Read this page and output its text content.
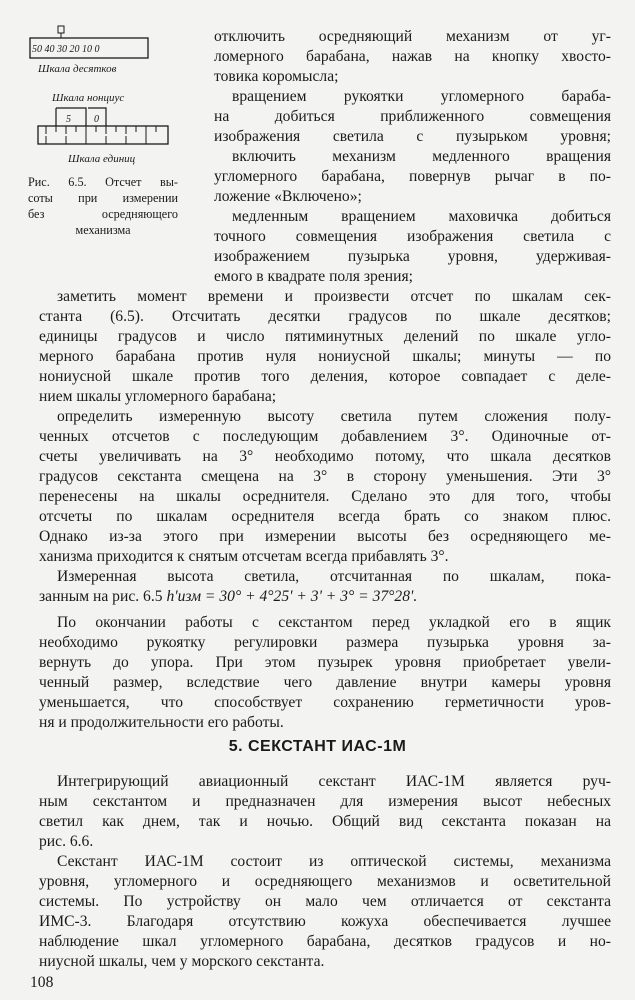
50 40 30 20 10 0
Шкала десятков
Шкала нонциус
5 0
Шкала единиц
Рис. 6.5. Отсчет вы-
соты при измерении
без осредняющего
механизма
отключить осредняющий механизм от уг-
ломерного барабана, нажав на кнопку хвосто-
товика коромысла;
вращением рукоятки угломерного бараба-
на добиться приближенного совмещения
изображения светила с пузырьком уровня;
включить механизм медленного вращения
угломерного барабана, повернув рычаг в по-
ложение «Включено»;
медленным вращением маховичка добиться
точного совмещения изображения светила с
изображением пузырька уровня, удерживая-
емого в квадрате поля зрения;
заметить момент времени и произвести отсчет по шкалам сек-
станта (6.5). Отсчитать десятки градусов по шкале десятков;
единицы градусов и число пятиминутных делений по шкале угло-
мерного барабана против нуля нониусной шкалы; минуты — по
нониусной шкале против того деления, которое совпадает с деле-
нием шкалы угломерного барабана;
определить измеренную высоту светила путем сложения полу-
ченных отсчетов с последующим добавлением 3°. Одиночные от-
счеты увеличивать на 3° необходимо потому, что шкала десятков
градусов секстанта смещена на 3° в сторону уменьшения. Эти 3°
перенесены на шкалы осреднителя. Сделано это для того, чтобы
отсчеты по шкалам осреднителя всегда брать со знаком плюс.
Однако из-за этого при измерении высоты без осредняющего ме-
ханизма приходится к снятым отсчетам всегда прибавлять 3°.
Измеренная высота светила, отсчитанная по шкалам, пока-
занным на рис. 6.5 h'изм = 30° + 4°25' + 3' + 3° = 37°28'.
По окончании работы с секстантом перед укладкой его в ящик
необходимо рукоятку регулировки размера пузырька уровня за-
вернуть до упора. При этом пузырек уровня приобретает увели-
ченный размер, вследствие чего давление внутри камеры уровня
уменьшается, что способствует сохранению герметичности уров-
ня и продолжительности его работы.
5. СЕКСТАНТ ИАС-1М
Интегрирующий авиационный секстант ИАС-1М является руч-
ным секстантом и предназначен для измерения высот небесных
светил как днем, так и ночью. Общий вид секстанта показан на
рис. 6.6.
Секстант ИАС-1М состоит из оптической системы, механизма
уровня, угломерного и осредняющего механизмов и осветительной
системы. По устройству он мало чем отличается от секстанта
ИМС-3. Благодаря отсутствию кожуха обеспечивается лучшее
наблюдение шкал угломерного барабана, десятков градусов и но-
ниусной шкалы, чем у морского секстанта.
108
